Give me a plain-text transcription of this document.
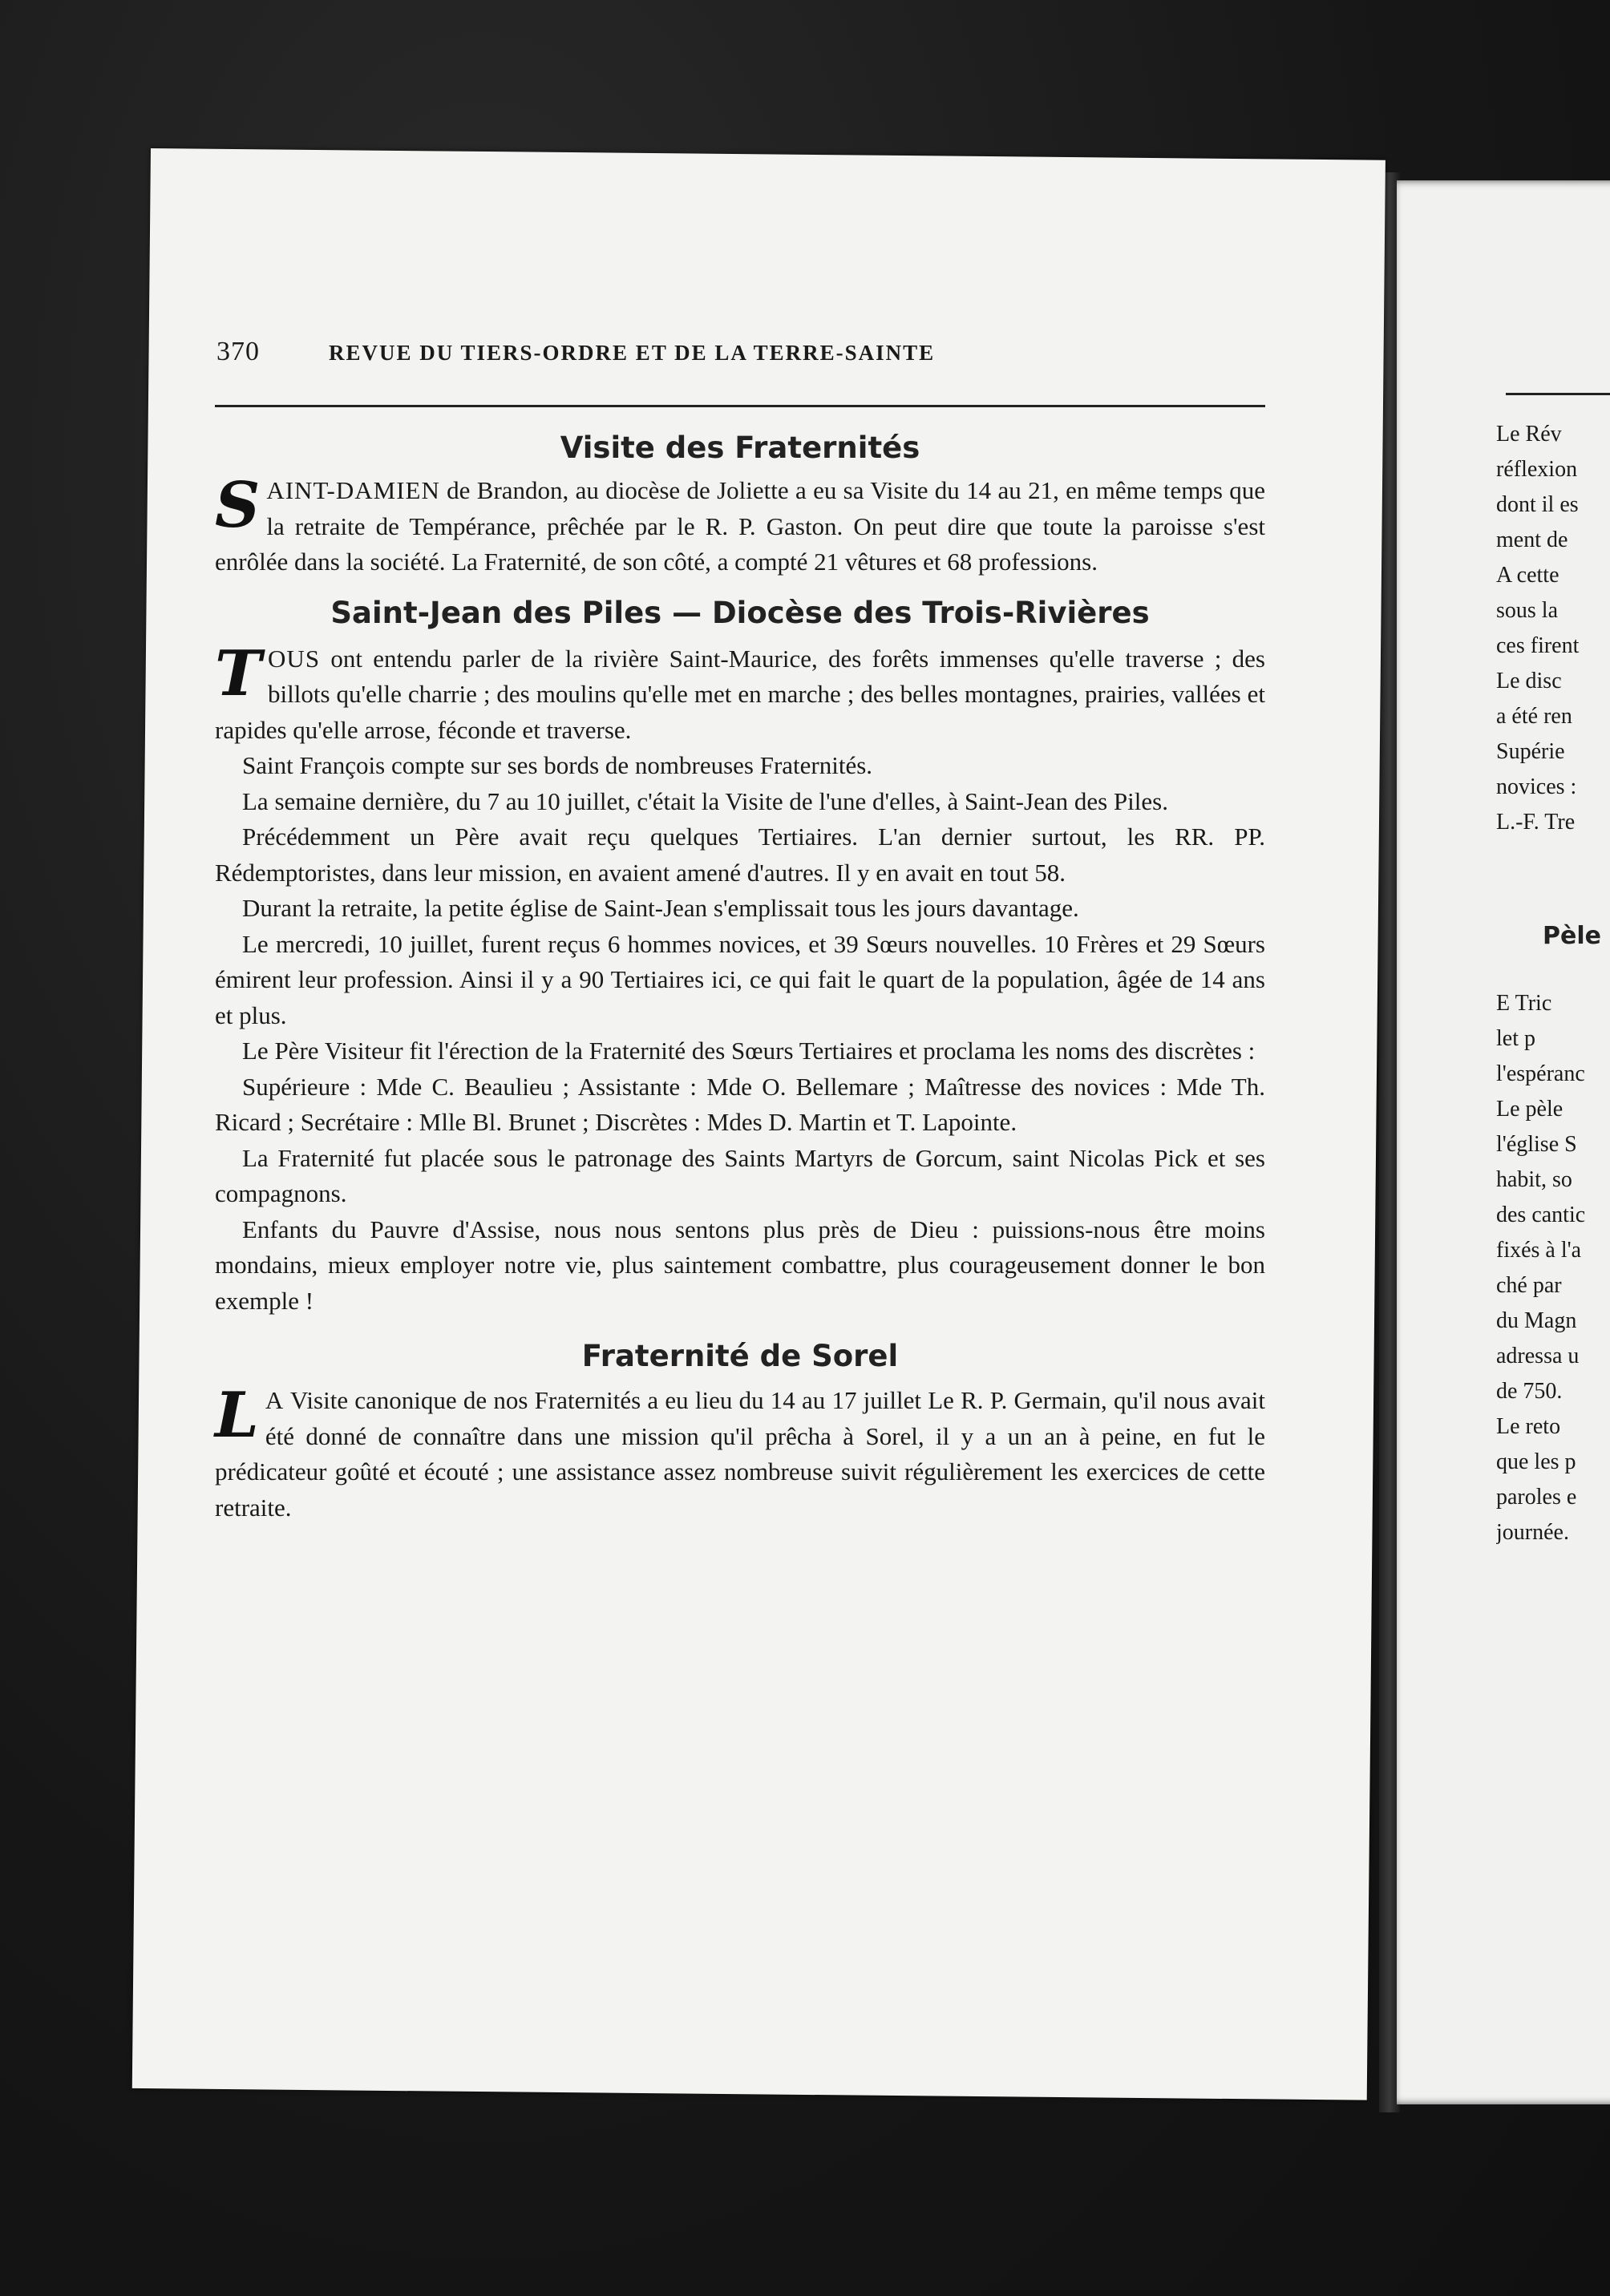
Le Rév
réflexion
dont il es
ment de
A cette
sous la
ces firent
Le disc
a été ren
Supérie
novices :
L.-F. Tre
Pèle
E Tric
let p
l'espéranc
Le pèle
l'église S
habit, so
des cantic
fixés à l'a
ché par
du Magn
adressa u
de 750.
Le reto
que les p
paroles e
journée.
370	REVUE DU TIERS-ORDRE ET DE LA TERRE-SAINTE
Visite des Fraternités

SAINT-DAMIEN de Brandon, au diocèse de Joliette a eu sa Visite du 14 au 21, en même temps que la retraite de Tempérance, prêchée par le R. P. Gaston. On peut dire que toute la paroisse s'est enrôlée dans la société. La Fraternité, de son côté, a compté 21 vêtures et 68 professions.

Saint-Jean des Piles — Diocèse des Trois-Rivières

TOUS ont entendu parler de la rivière Saint-Maurice, des forêts immenses qu'elle traverse ; des billots qu'elle charrie ; des moulins qu'elle met en marche ; des belles montagnes, prairies, vallées et rapides qu'elle arrose, féconde et traverse.

Saint François compte sur ses bords de nombreuses Fraternités.

La semaine dernière, du 7 au 10 juillet, c'était la Visite de l'une d'elles, à Saint-Jean des Piles.

Précédemment un Père avait reçu quelques Tertiaires. L'an dernier surtout, les RR. PP. Rédemptoristes, dans leur mission, en avaient amené d'autres. Il y en avait en tout 58.

Durant la retraite, la petite église de Saint-Jean s'emplissait tous les jours davantage.

Le mercredi, 10 juillet, furent reçus 6 hommes novices, et 39 Sœurs nouvelles. 10 Frères et 29 Sœurs émirent leur profession. Ainsi il y a 90 Tertiaires ici, ce qui fait le quart de la population, âgée de 14 ans et plus.

Le Père Visiteur fit l'érection de la Fraternité des Sœurs Tertiaires et proclama les noms des discrètes :

Supérieure : Mde C. Beaulieu ; Assistante : Mde O. Bellemare ; Maîtresse des novices : Mde Th. Ricard ; Secrétaire : Mlle Bl. Brunet ; Discrètes : Mdes D. Martin et T. Lapointe.

La Fraternité fut placée sous le patronage des Saints Martyrs de Gorcum, saint Nicolas Pick et ses compagnons.

Enfants du Pauvre d'Assise, nous nous sentons plus près de Dieu : puissions-nous être moins mondains, mieux employer notre vie, plus saintement combattre, plus courageusement donner le bon exemple !

Fraternité de Sorel

L A Visite canonique de nos Fraternités a eu lieu du 14 au 17 juillet Le R. P. Germain, qu'il nous avait été donné de connaître dans une mission qu'il prêcha à Sorel, il y a un an à peine, en fut le prédicateur goûté et écouté ; une assistance assez nombreuse suivit régulièrement les exercices de cette retraite.
